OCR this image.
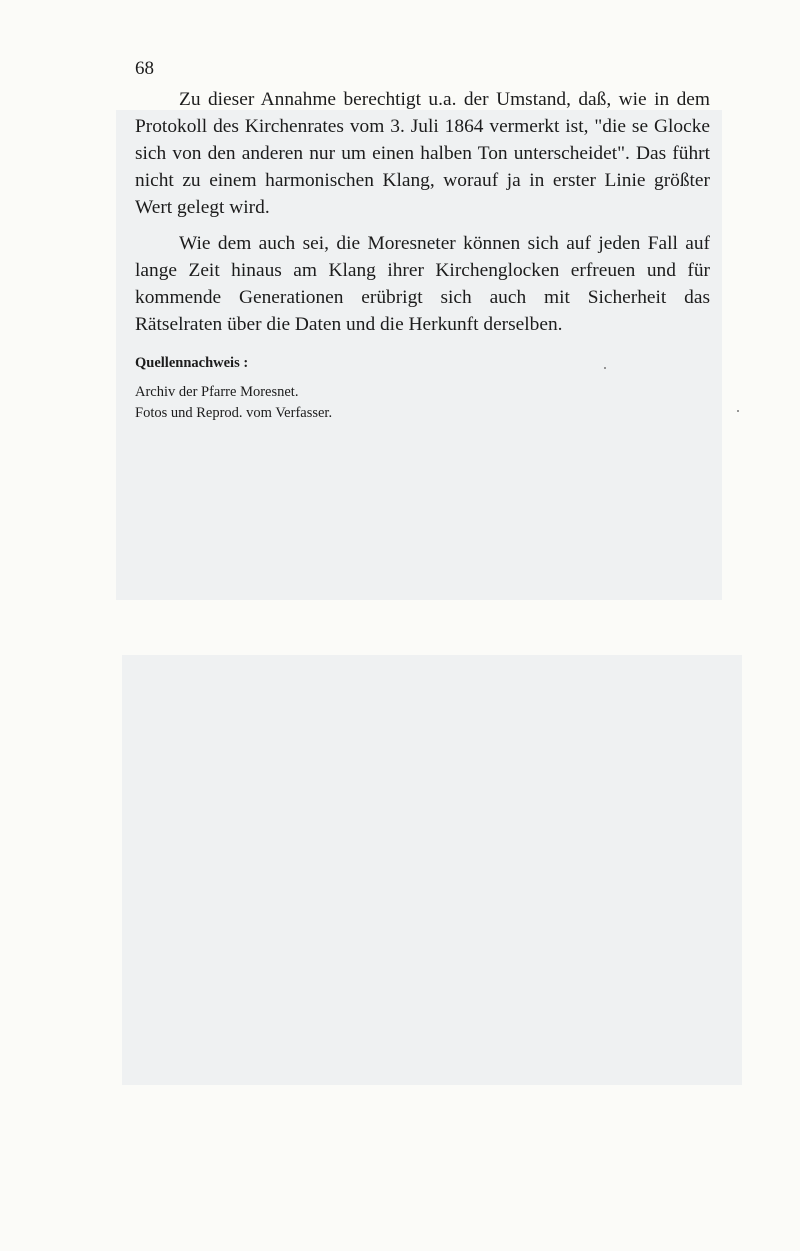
68

Zu dieser Annahme berechtigt u.a. der Umstand, daß, wie in dem Protokoll des Kirchenrates vom 3. Juli 1864 vermerkt ist, "die se Glocke sich von den anderen nur um einen halben Ton unterscheidet". Das führt nicht zu einem harmonischen Klang, worauf ja in erster Linie größter Wert gelegt wird.

Wie dem auch sei, die Moresneter können sich auf jeden Fall auf lange Zeit hinaus am Klang ihrer Kirchenglocken erfreuen und für kommende Generationen erübrigt sich auch mit Sicherheit das Rätselraten über die Daten und die Herkunft derselben.

Quellennachweis :

Archiv der Pfarre Moresnet.

Fotos und Reprod. vom Verfasser.
